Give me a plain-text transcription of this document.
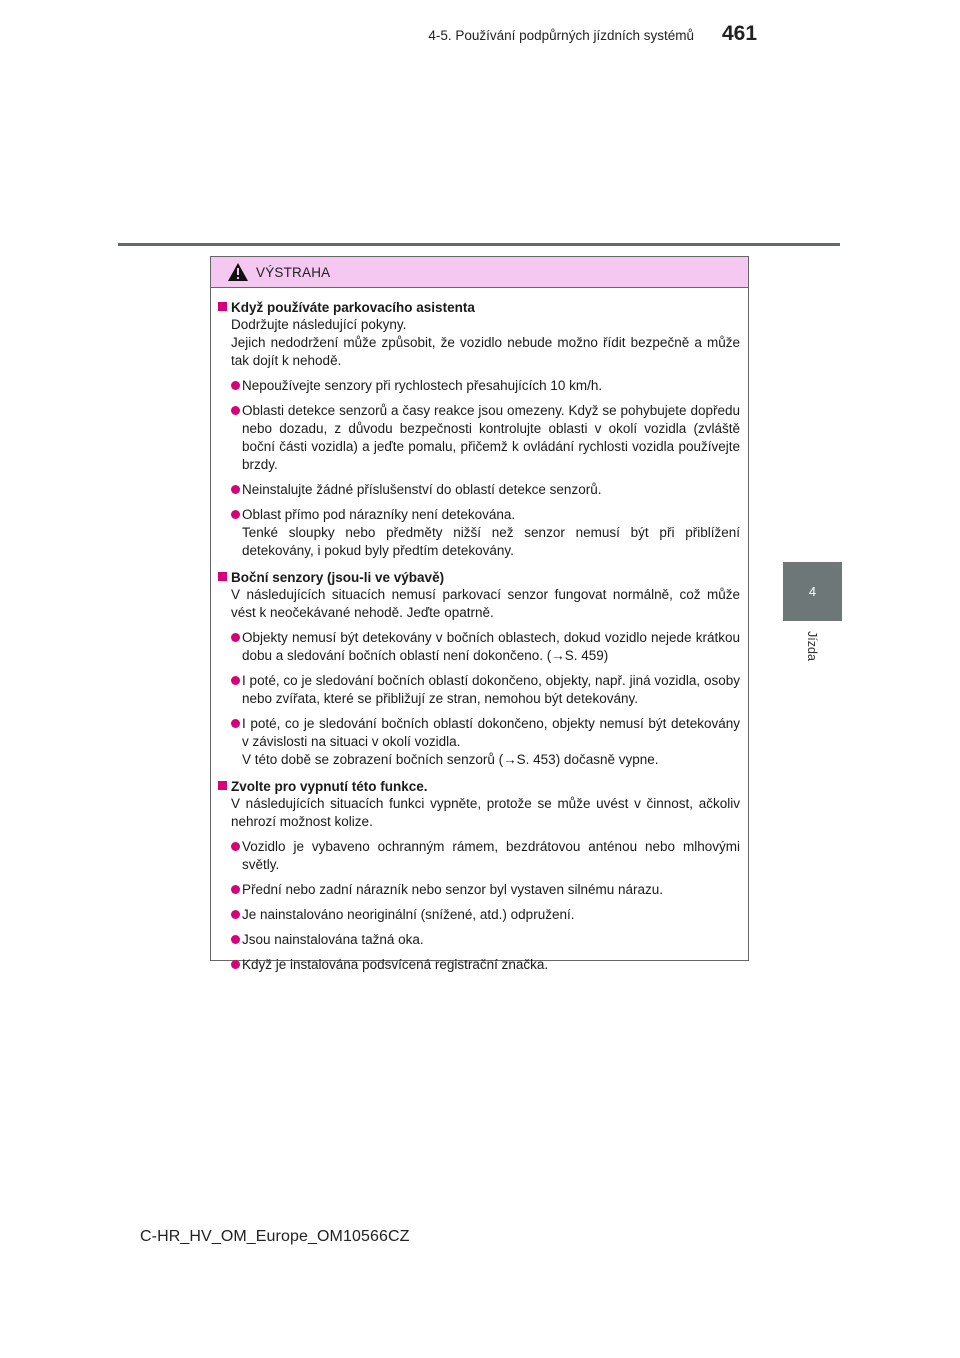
4-5. Používání podpůrných jízdních systémů 461
4
Jízda
VÝSTRAHA
Když používáte parkovacího asistenta
Dodržujte následující pokyny.
Jejich nedodržení může způsobit, že vozidlo nebude možno řídit bezpečně a může tak dojít k nehodě.
Nepoužívejte senzory při rychlostech přesahujících 10 km/h.
Oblasti detekce senzorů a časy reakce jsou omezeny. Když se pohybujete dopředu nebo dozadu, z důvodu bezpečnosti kontrolujte oblasti v okolí vozidla (zvláště boční části vozidla) a jeďte pomalu, přičemž k ovládání rychlosti vozidla používejte brzdy.
Neinstalujte žádné příslušenství do oblastí detekce senzorů.
Oblast přímo pod nárazníky není detekována.
Tenké sloupky nebo předměty nižší než senzor nemusí být při přiblížení detekovány, i pokud byly předtím detekovány.
Boční senzory (jsou-li ve výbavě)
V následujících situacích nemusí parkovací senzor fungovat normálně, což může vést k neočekávané nehodě. Jeďte opatrně.
Objekty nemusí být detekovány v bočních oblastech, dokud vozidlo nejede krátkou dobu a sledování bočních oblastí není dokončeno. (→S. 459)
I poté, co je sledování bočních oblastí dokončeno, objekty, např. jiná vozidla, osoby nebo zvířata, které se přibližují ze stran, nemohou být detekovány.
I poté, co je sledování bočních oblastí dokončeno, objekty nemusí být detekovány v závislosti na situaci v okolí vozidla.
V této době se zobrazení bočních senzorů (→S. 453) dočasně vypne.
Zvolte pro vypnutí této funkce.
V následujících situacích funkci vypněte, protože se může uvést v činnost, ačkoliv nehrozí možnost kolize.
Vozidlo je vybaveno ochranným rámem, bezdrátovou anténou nebo mlhovými světly.
Přední nebo zadní nárazník nebo senzor byl vystaven silnému nárazu.
Je nainstalováno neoriginální (snížené, atd.) odpružení.
Jsou nainstalována tažná oka.
Když je instalována podsvícená registrační značka.
C-HR_HV_OM_Europe_OM10566CZ
